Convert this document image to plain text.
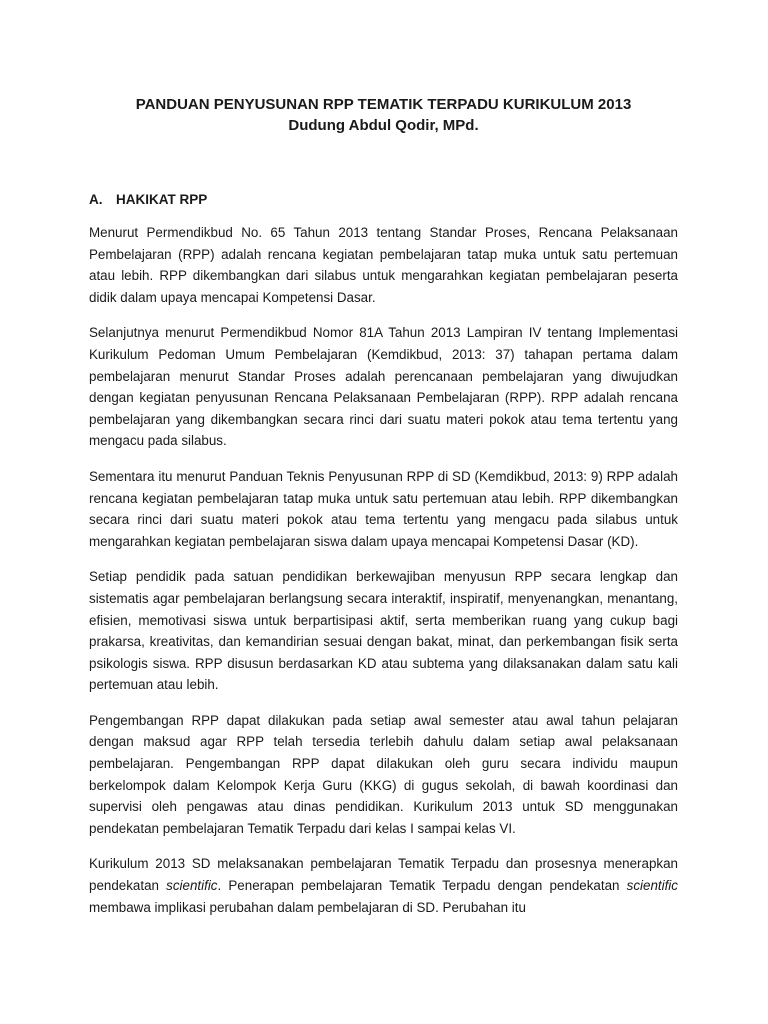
PANDUAN PENYUSUNAN RPP TEMATIK TERPADU KURIKULUM 2013
Dudung Abdul Qodir, MPd.
A. HAKIKAT RPP

Menurut Permendikbud No. 65 Tahun 2013 tentang Standar Proses, Rencana Pelaksanaan Pembelajaran (RPP) adalah rencana kegiatan pembelajaran tatap muka untuk satu pertemuan atau lebih. RPP dikembangkan dari silabus untuk mengarahkan kegiatan pembelajaran peserta didik dalam upaya mencapai Kompetensi Dasar.

Selanjutnya menurut Permendikbud Nomor 81A Tahun 2013 Lampiran IV tentang Implementasi Kurikulum Pedoman Umum Pembelajaran (Kemdikbud, 2013: 37) tahapan pertama dalam pembelajaran menurut Standar Proses adalah perencanaan pembelajaran yang diwujudkan dengan kegiatan penyusunan Rencana Pelaksanaan Pembelajaran (RPP). RPP adalah rencana pembelajaran yang dikembangkan secara rinci dari suatu materi pokok atau tema tertentu yang mengacu pada silabus.

Sementara itu menurut Panduan Teknis Penyusunan RPP di SD (Kemdikbud, 2013: 9) RPP adalah rencana kegiatan pembelajaran tatap muka untuk satu pertemuan atau lebih. RPP dikembangkan secara rinci dari suatu materi pokok atau tema tertentu yang mengacu pada silabus untuk mengarahkan kegiatan pembelajaran siswa dalam upaya mencapai Kompetensi Dasar (KD).

Setiap pendidik pada satuan pendidikan berkewajiban menyusun RPP secara lengkap dan sistematis agar pembelajaran berlangsung secara interaktif, inspiratif, menyenangkan, menantang, efisien, memotivasi siswa untuk berpartisipasi aktif, serta memberikan ruang yang cukup bagi prakarsa, kreativitas, dan kemandirian sesuai dengan bakat, minat, dan perkembangan fisik serta psikologis siswa. RPP disusun berdasarkan KD atau subtema yang dilaksanakan dalam satu kali pertemuan atau lebih.

Pengembangan RPP dapat dilakukan pada setiap awal semester atau awal tahun pelajaran dengan maksud agar RPP telah tersedia terlebih dahulu dalam setiap awal pelaksanaan pembelajaran. Pengembangan RPP dapat dilakukan oleh guru secara individu maupun berkelompok dalam Kelompok Kerja Guru (KKG) di gugus sekolah, di bawah koordinasi dan supervisi oleh pengawas atau dinas pendidikan. Kurikulum 2013 untuk SD menggunakan pendekatan pembelajaran Tematik Terpadu dari kelas I sampai kelas VI.

Kurikulum 2013 SD melaksanakan pembelajaran Tematik Terpadu dan prosesnya menerapkan pendekatan scientific. Penerapan pembelajaran Tematik Terpadu dengan pendekatan scientific membawa implikasi perubahan dalam pembelajaran di SD. Perubahan itu
